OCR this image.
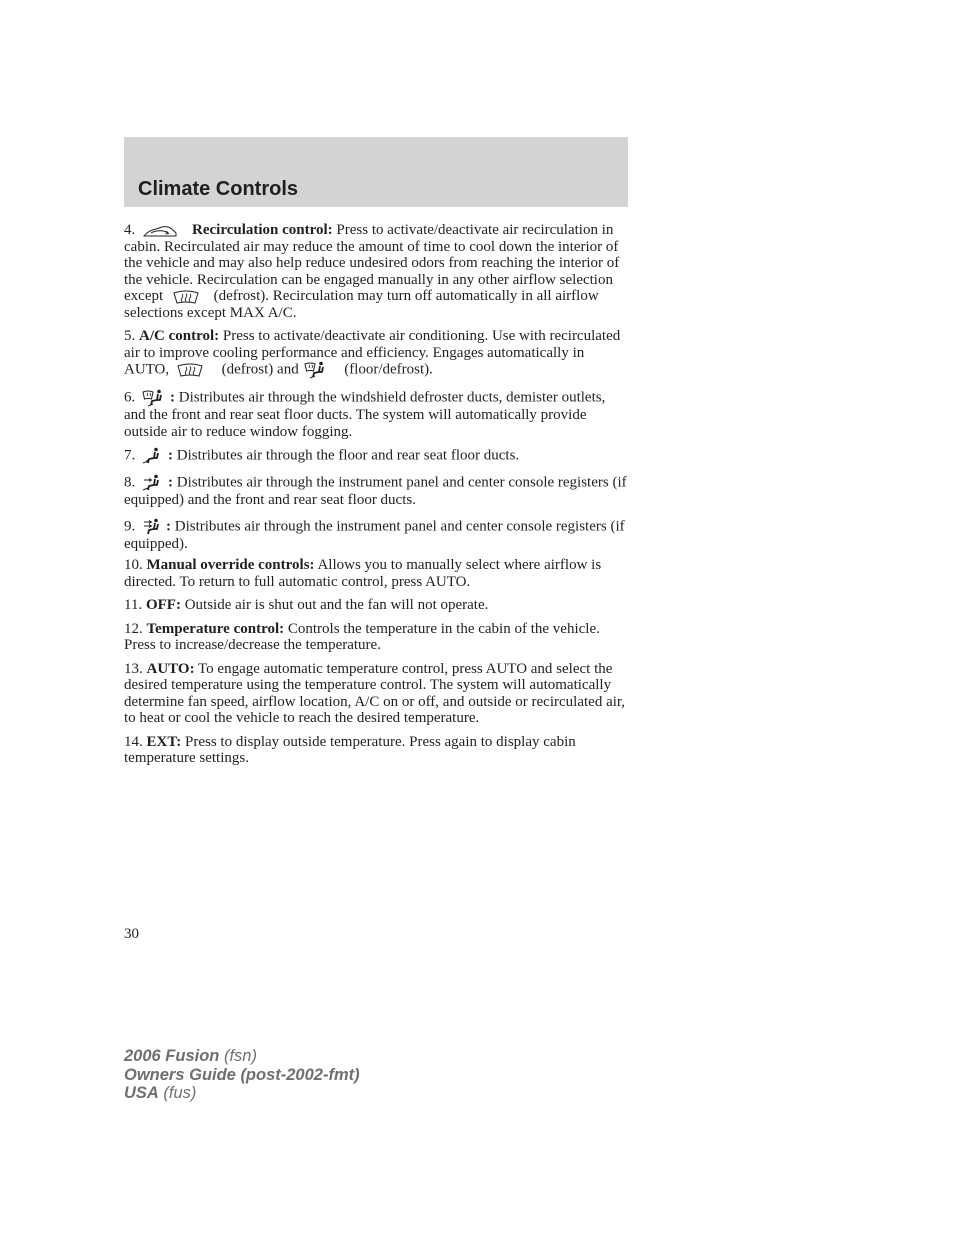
Climate Controls

4.	Recirculation control: Press to activate/deactivate air recirculation in cabin. Recirculated air may reduce the amount of time to cool down the interior of the vehicle and may also help reduce undesired odors from reaching the interior of the vehicle. Recirculation can be engaged manually in any other airflow selection except	(defrost). Recirculation may turn off automatically in all airflow selections except MAX A/C.

5. A/C control: Press to activate/deactivate air conditioning. Use with recirculated air to improve cooling performance and efficiency. Engages automatically in AUTO,	(defrost) and	(floor/defrost).

6. : Distributes air through the windshield defroster ducts, demister outlets, and the front and rear seat floor ducts. The system will automatically provide outside air to reduce window fogging.

7. : Distributes air through the floor and rear seat floor ducts.

8. : Distributes air through the instrument panel and center console registers (if equipped) and the front and rear seat floor ducts.

9. : Distributes air through the instrument panel and center console registers (if equipped).

10. Manual override controls: Allows you to manually select where airflow is directed. To return to full automatic control, press AUTO.

11. OFF: Outside air is shut out and the fan will not operate.

12. Temperature control: Controls the temperature in the cabin of the vehicle. Press to increase/decrease the temperature.

13. AUTO: To engage automatic temperature control, press AUTO and select the desired temperature using the temperature control. The system will automatically determine fan speed, airflow location, A/C on or off, and outside or recirculated air, to heat or cool the vehicle to reach the desired temperature.

14. EXT: Press to display outside temperature. Press again to display cabin temperature settings.

30
2006 Fusion (fsn)
Owners Guide (post-2002-fmt)
USA (fus)
